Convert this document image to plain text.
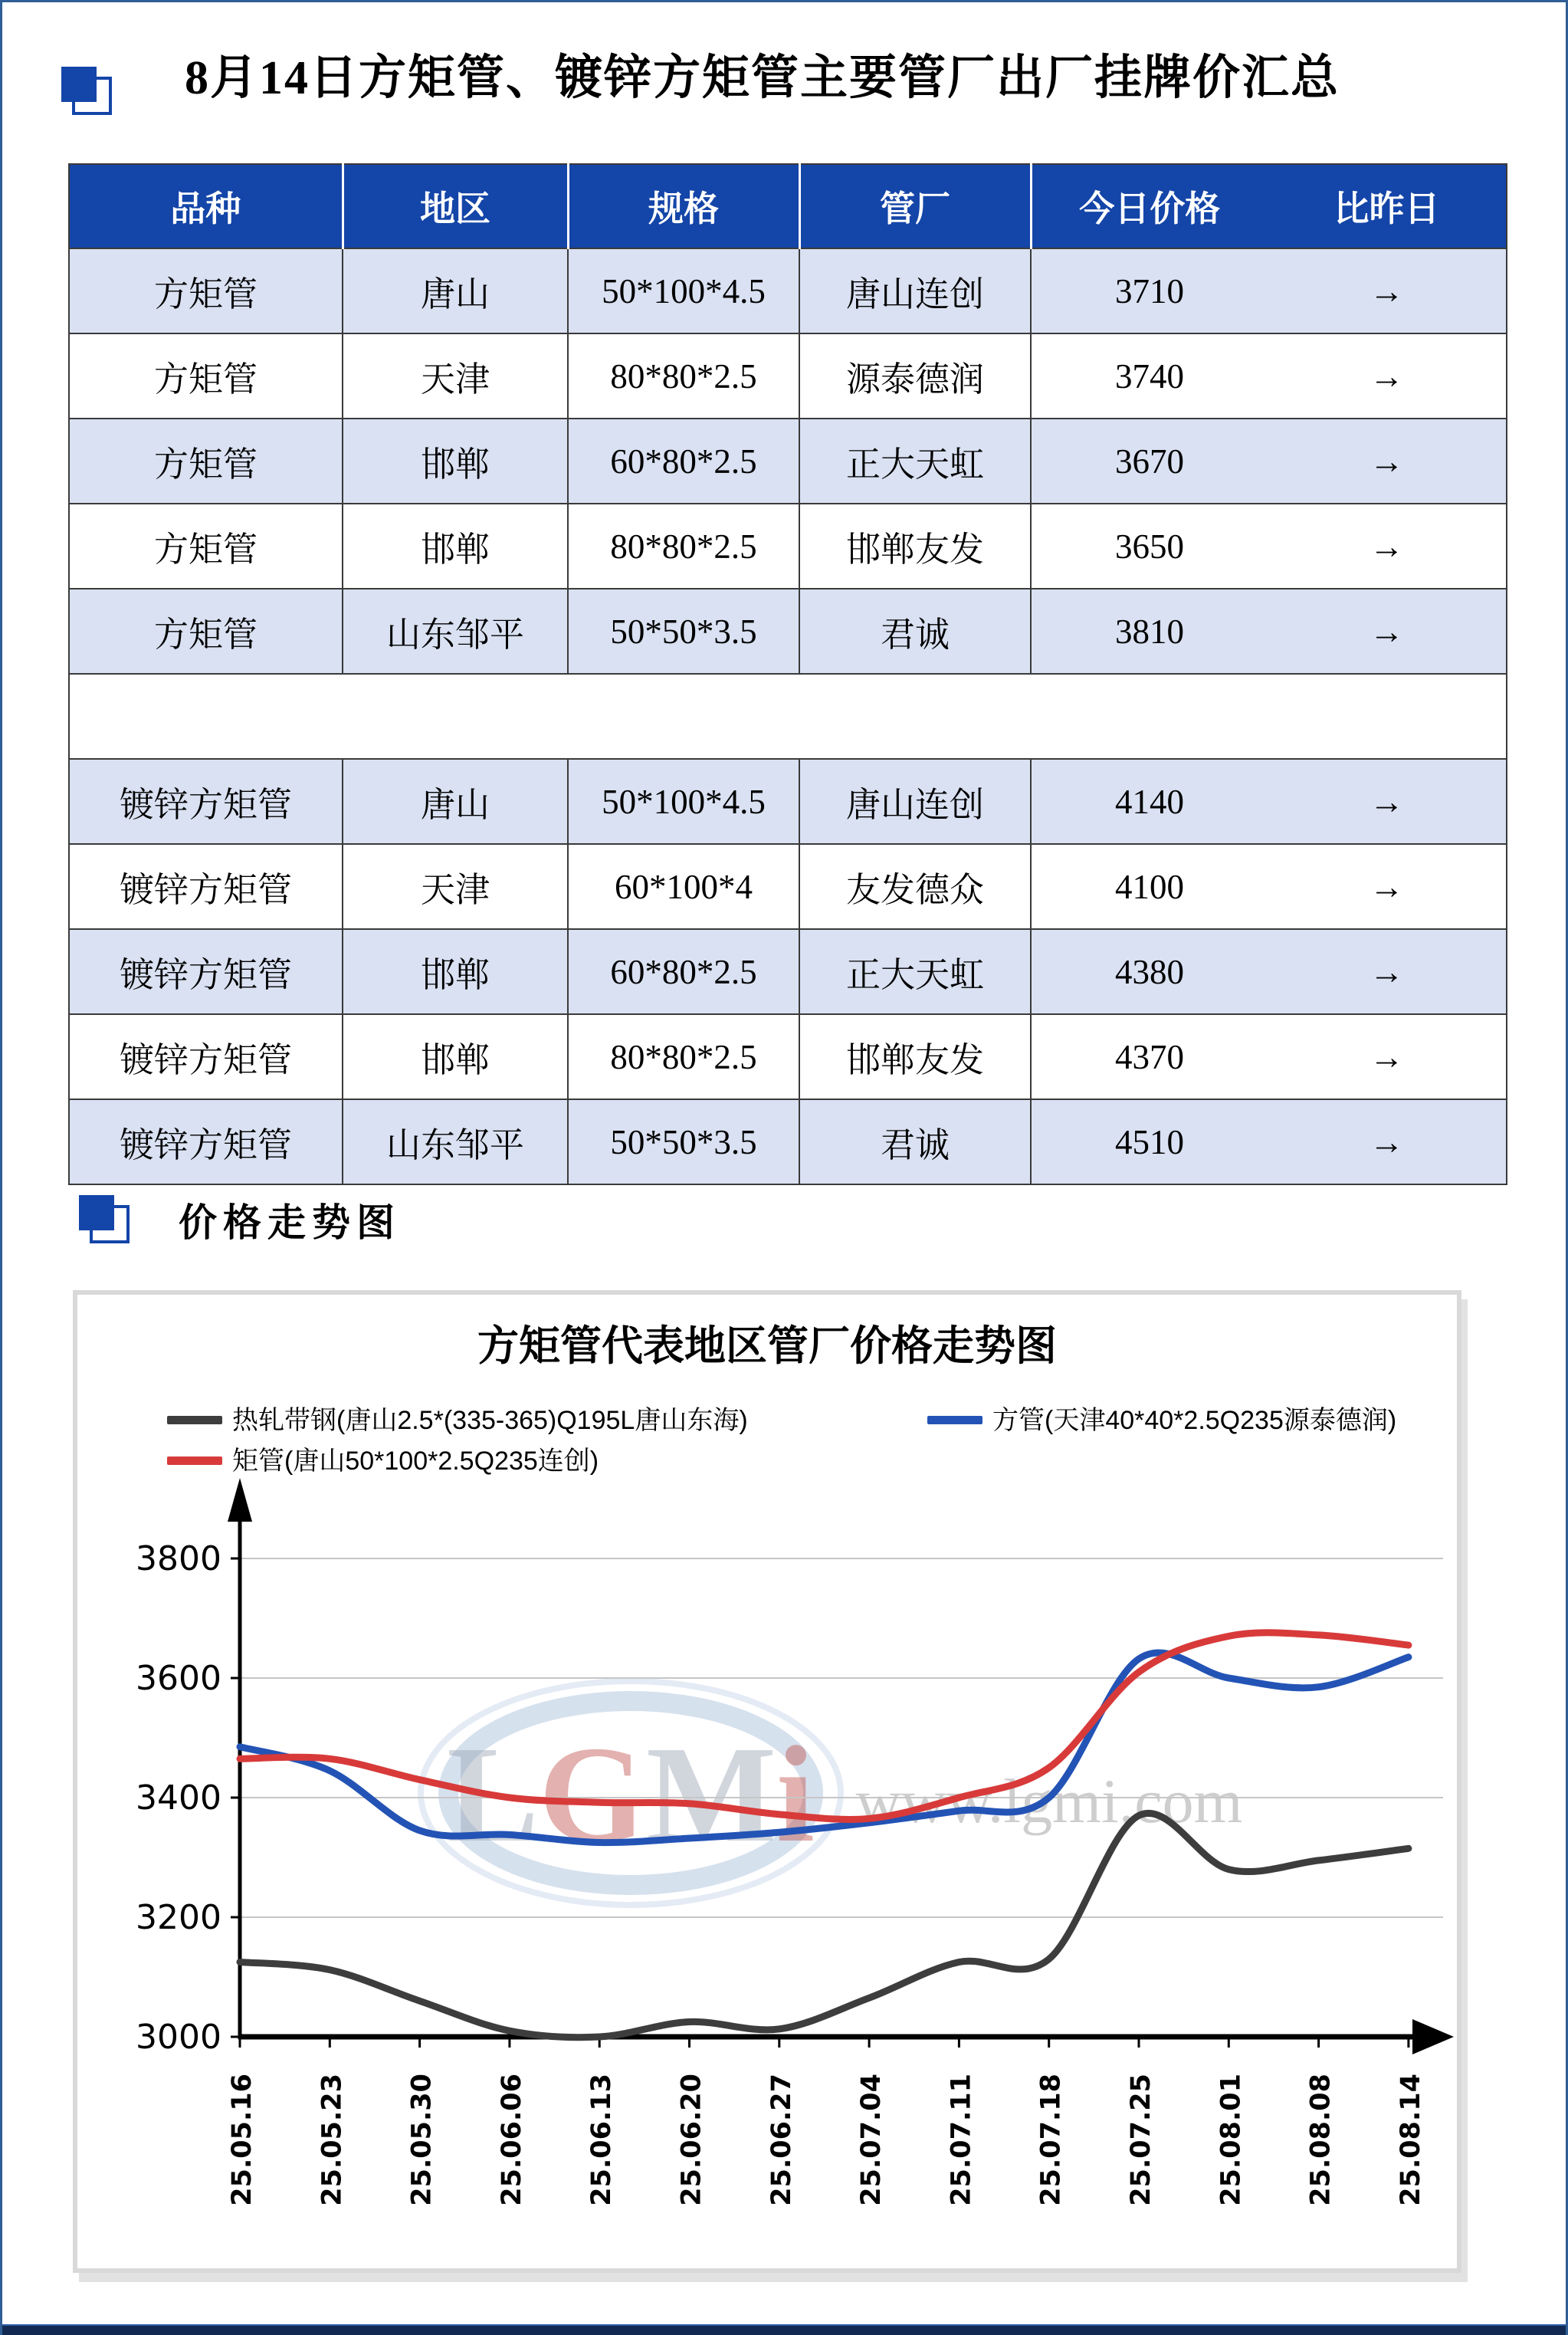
8月14日方矩管、镀锌方矩管主要管厂出厂挂牌价汇总
品种	地区	规格	管厂	今日价格	比昨日
方矩管	唐山	50*100*4.5	唐山连创	3710	→
方矩管	天津	80*80*2.5	源泰德润	3740	→
方矩管	邯郸	60*80*2.5	正大天虹	3670	→
方矩管	邯郸	80*80*2.5	邯郸友发	3650	→
方矩管	山东邹平	50*50*3.5	君诚	3810	→

镀锌方矩管	唐山	50*100*4.5	唐山连创	4140	→
镀锌方矩管	天津	60*100*4	友发德众	4100	→
镀锌方矩管	邯郸	60*80*2.5	正大天虹	4380	→
镀锌方矩管	邯郸	80*80*2.5	邯郸友发	4370	→
镀锌方矩管	山东邹平	50*50*3.5	君诚	4510	→
价格走势图
方矩管代表地区管厂价格走势图
热轧带钢(唐山2.5*(335-365)Q195L唐山东海)	方管(天津40*40*2.5Q235源泰德润)
矩管(唐山50*100*2.5Q235连创)
LGMi www.lgmi.com
3800
3600
3400
3200
3000
25.05.16 25.05.23 25.05.30 25.06.06 25.06.13 25.06.20 25.06.27 25.07.04 25.07.11 25.07.18 25.07.25 25.08.01 25.08.08 25.08.14
